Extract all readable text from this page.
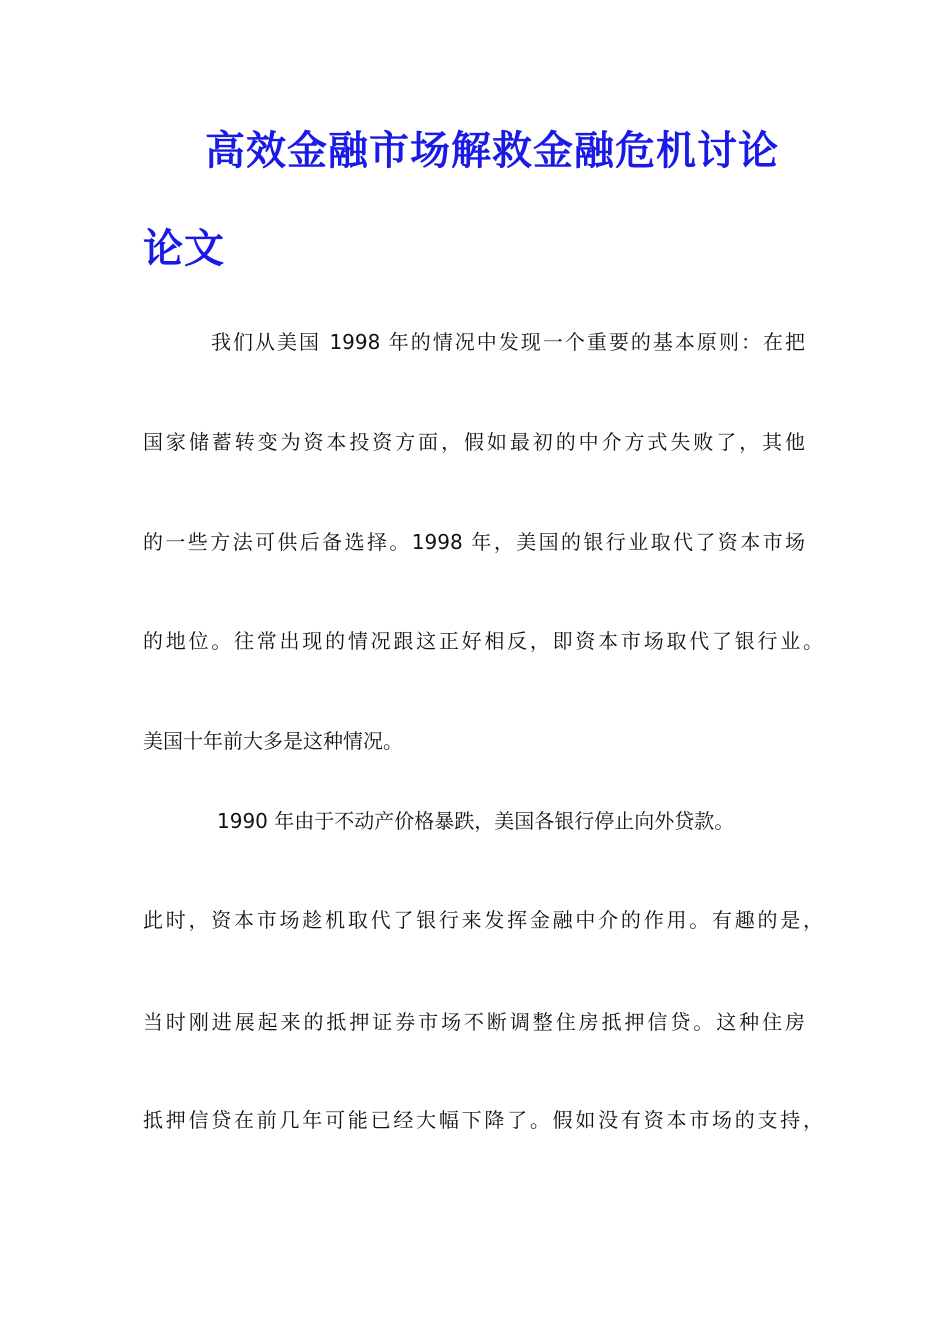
高效金融市场解救金融危机讨论
论文
我们从美国 1998 年的情况中发现一个重要的基本原则：在把
国家储蓄转变为资本投资方面，假如最初的中介方式失败了，其他
的一些方法可供后备选择。1998 年，美国的银行业取代了资本市场
的地位。往常出现的情况跟这正好相反，即资本市场取代了银行业。
美国十年前大多是这种情况。
1990 年由于不动产价格暴跌，美国各银行停止向外贷款。
此时，资本市场趁机取代了银行来发挥金融中介的作用。有趣的是，
当时刚进展起来的抵押证券市场不断调整住房抵押信贷。这种住房
抵押信贷在前几年可能已经大幅下降了。假如没有资本市场的支持，
